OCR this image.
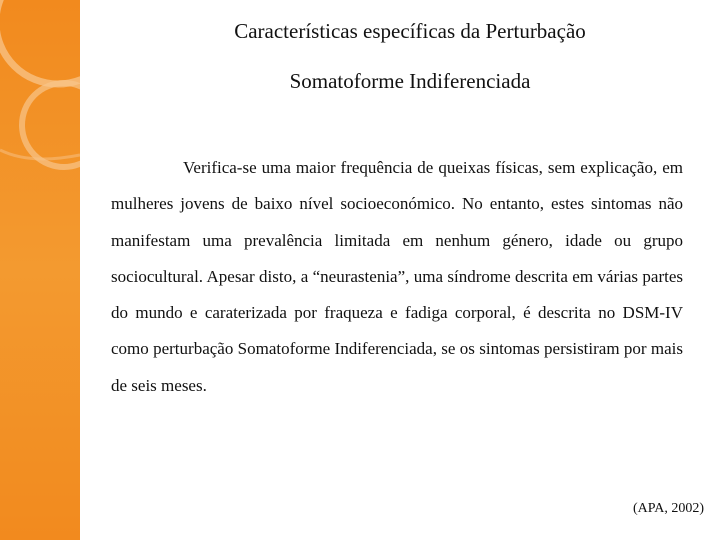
Características específicas da Perturbação
Somatoforme Indiferenciada

Verifica-se uma maior frequência de queixas físicas, sem explicação, em mulheres jovens de baixo nível socioeconómico. No entanto, estes sintomas não manifestam uma prevalência limitada em nenhum género, idade ou grupo sociocultural. Apesar disto, a “neurastenia”, uma síndrome descrita em várias partes do mundo e caraterizada por fraqueza e fadiga corporal, é descrita no DSM-IV como perturbação Somatoforme Indiferenciada, se os sintomas persistiram por mais de seis meses.

(APA, 2002)
